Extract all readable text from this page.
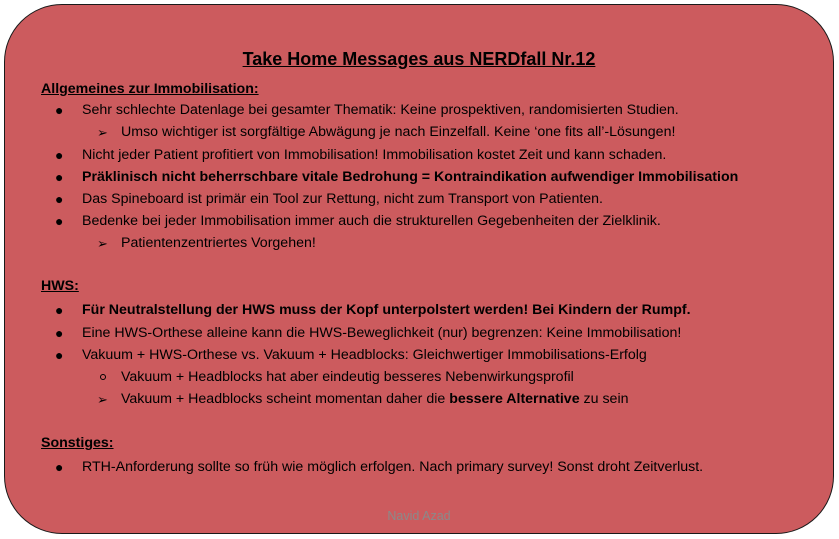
Take Home Messages aus NERDfall Nr.12
Allgemeines zur Immobilisation:
● Sehr schlechte Datenlage bei gesamter Thematik: Keine prospektiven, randomisierten Studien.
➢ Umso wichtiger ist sorgfältige Abwägung je nach Einzelfall. Keine ‘one fits all’-Lösungen!
● Nicht jeder Patient profitiert von Immobilisation! Immobilisation kostet Zeit und kann schaden.
● Präklinisch nicht beherrschbare vitale Bedrohung = Kontraindikation aufwendiger Immobilisation
● Das Spineboard ist primär ein Tool zur Rettung, nicht zum Transport von Patienten.
● Bedenke bei jeder Immobilisation immer auch die strukturellen Gegebenheiten der Zielklinik.
➢ Patientenzentriertes Vorgehen!
HWS:
● Für Neutralstellung der HWS muss der Kopf unterpolstert werden! Bei Kindern der Rumpf.
● Eine HWS-Orthese alleine kann die HWS-Beweglichkeit (nur) begrenzen: Keine Immobilisation!
● Vakuum + HWS-Orthese vs. Vakuum + Headblocks: Gleichwertiger Immobilisations-Erfolg
Vakuum + Headblocks hat aber eindeutig besseres Nebenwirkungsprofil
➢ Vakuum + Headblocks scheint momentan daher die bessere Alternative zu sein
Sonstiges:
● RTH-Anforderung sollte so früh wie möglich erfolgen. Nach primary survey! Sonst droht Zeitverlust.
Navid Azad
